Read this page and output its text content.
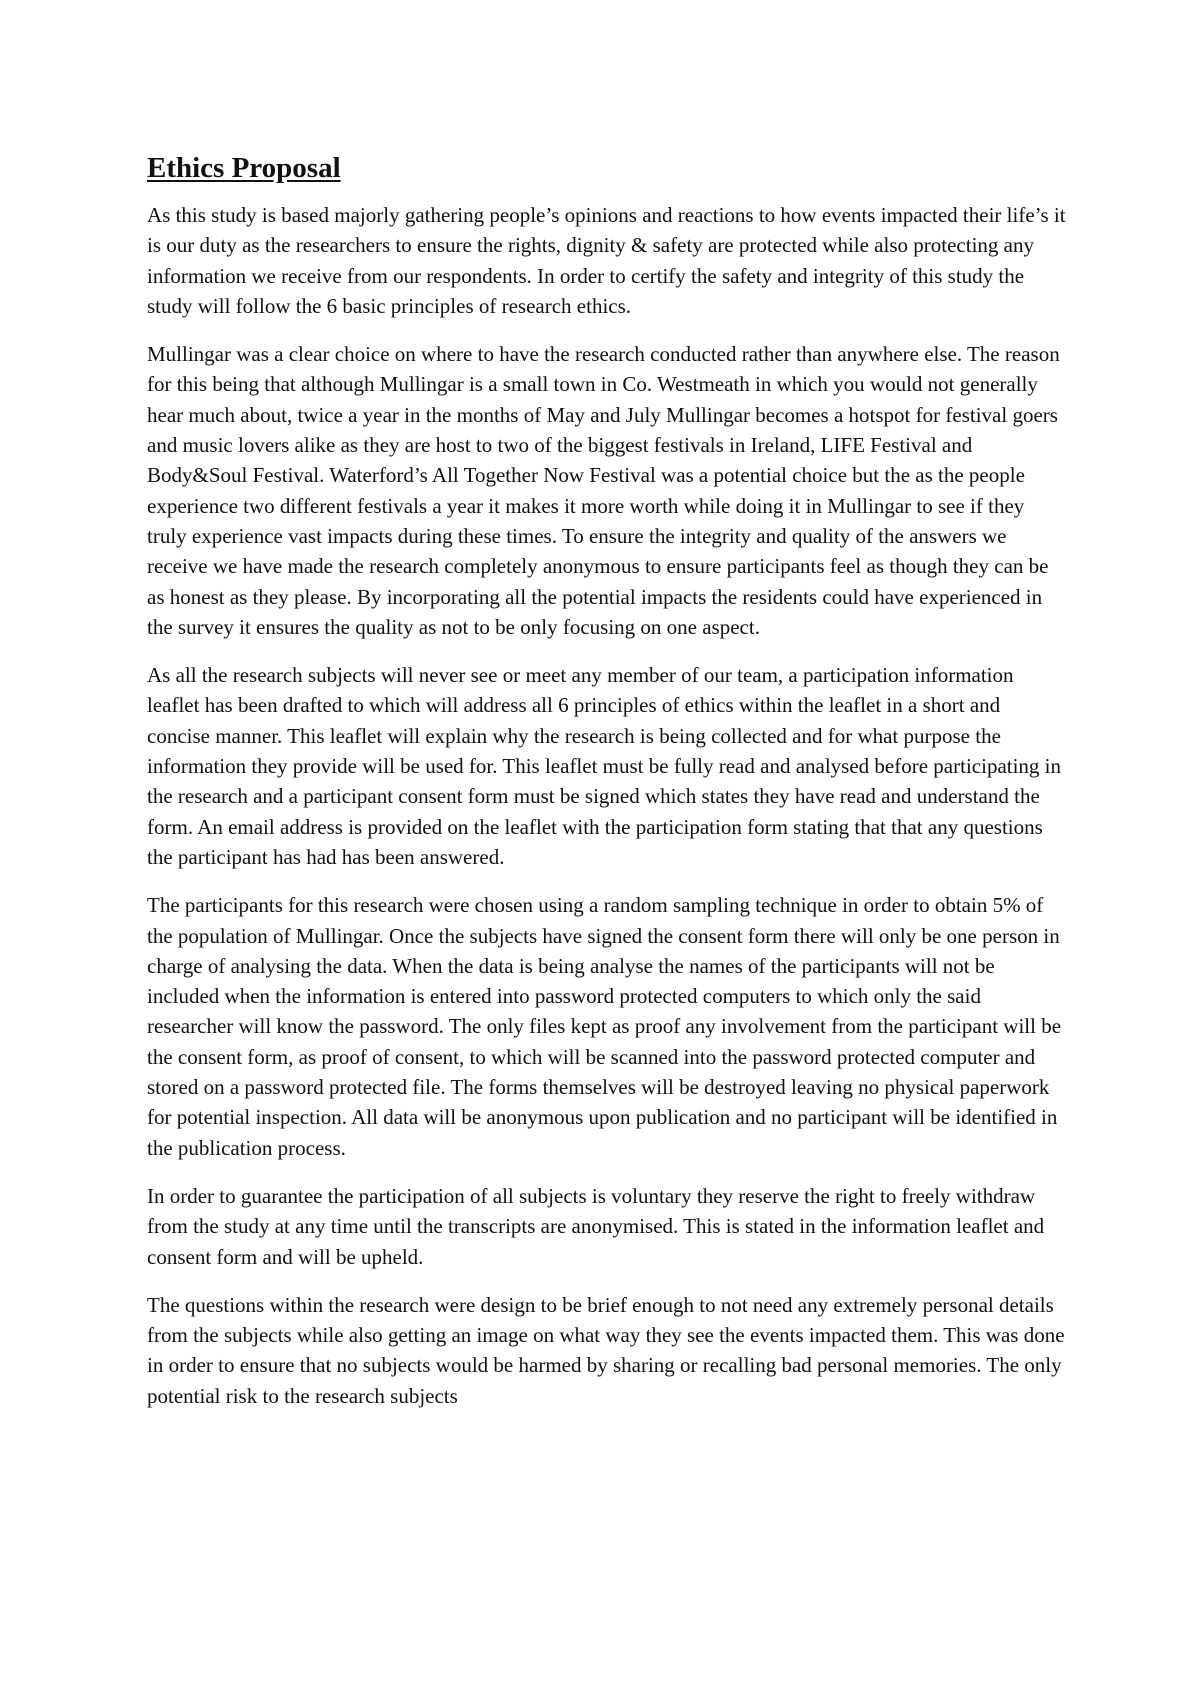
Ethics Proposal

As this study is based majorly gathering people’s opinions and reactions to how events impacted their life’s it is our duty as the researchers to ensure the rights, dignity & safety are protected while also protecting any information we receive from our respondents. In order to certify the safety and integrity of this study the study will follow the 6 basic principles of research ethics.

Mullingar was a clear choice on where to have the research conducted rather than anywhere else. The reason for this being that although Mullingar is a small town in Co. Westmeath in which you would not generally hear much about, twice a year in the months of May and July Mullingar becomes a hotspot for festival goers and music lovers alike as they are host to two of the biggest festivals in Ireland, LIFE Festival and Body&Soul Festival. Waterford’s All Together Now Festival was a potential choice but the as the people experience two different festivals a year it makes it more worth while doing it in Mullingar to see if they truly experience vast impacts during these times. To ensure the integrity and quality of the answers we receive we have made the research completely anonymous to ensure participants feel as though they can be as honest as they please. By incorporating all the potential impacts the residents could have experienced in the survey it ensures the quality as not to be only focusing on one aspect.

As all the research subjects will never see or meet any member of our team, a participation information leaflet has been drafted to which will address all 6 principles of ethics within the leaflet in a short and concise manner. This leaflet will explain why the research is being collected and for what purpose the information they provide will be used for. This leaflet must be fully read and analysed before participating in the research and a participant consent form must be signed which states they have read and understand the form. An email address is provided on the leaflet with the participation form stating that that any questions the participant has had has been answered.

The participants for this research were chosen using a random sampling technique in order to obtain 5% of the population of Mullingar. Once the subjects have signed the consent form there will only be one person in charge of analysing the data. When the data is being analyse the names of the participants will not be included when the information is entered into password protected computers to which only the said researcher will know the password. The only files kept as proof any involvement from the participant will be the consent form, as proof of consent, to which will be scanned into the password protected computer and stored on a password protected file. The forms themselves will be destroyed leaving no physical paperwork for potential inspection. All data will be anonymous upon publication and no participant will be identified in the publication process.

In order to guarantee the participation of all subjects is voluntary they reserve the right to freely withdraw from the study at any time until the transcripts are anonymised. This is stated in the information leaflet and consent form and will be upheld.

The questions within the research were design to be brief enough to not need any extremely personal details from the subjects while also getting an image on what way they see the events impacted them. This was done in order to ensure that no subjects would be harmed by sharing or recalling bad personal memories. The only potential risk to the research subjects
